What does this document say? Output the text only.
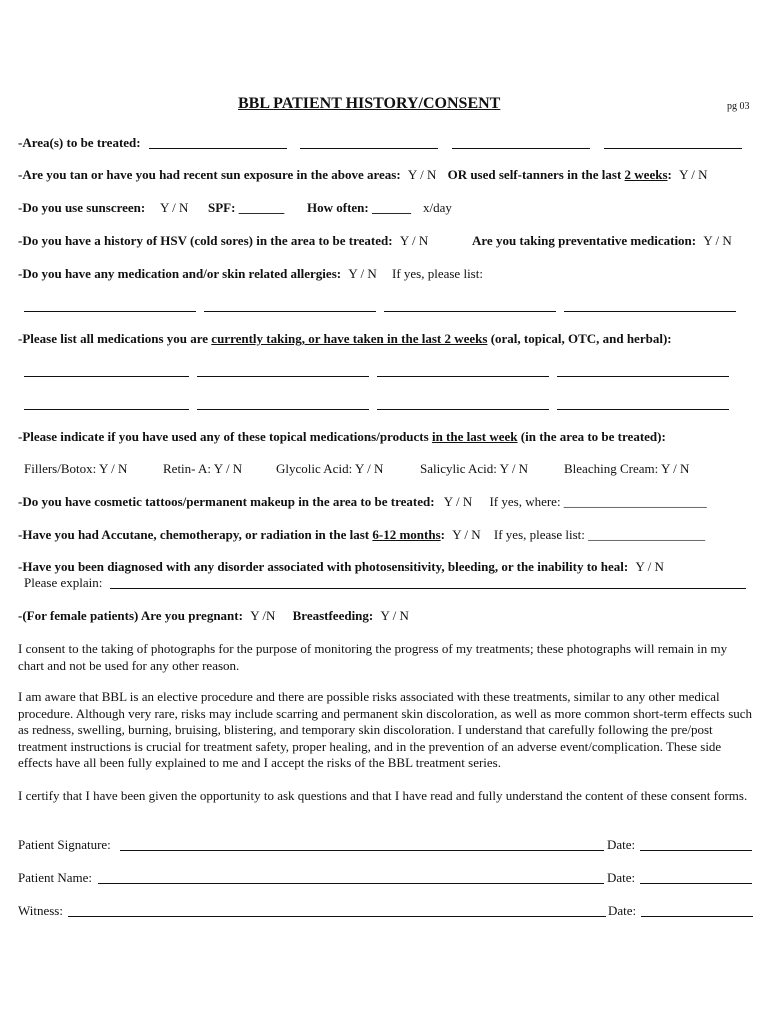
BBL PATIENT HISTORY/CONSENT	pg 03
-Area(s) to be treated:
-Are you tan or have you had recent sun exposure in the above areas: Y / N OR used self-tanners in the last 2 weeks: Y / N
-Do you use sunscreen: Y / N SPF: _______ How often: ______ x/day
-Do you have a history of HSV (cold sores) in the area to be treated: Y / N	Are you taking preventative medication: Y / N
-Do you have any medication and/or skin related allergies: Y / N If yes, please list:
-Please list all medications you are currently taking, or have taken in the last 2 weeks (oral, topical, OTC, and herbal):
-Please indicate if you have used any of these topical medications/products in the last week (in the area to be treated):
Fillers/Botox: Y / N	Retin- A: Y / N	Glycolic Acid: Y / N	Salicylic Acid: Y / N	Bleaching Cream: Y / N
-Do you have cosmetic tattoos/permanent makeup in the area to be treated: Y / N If yes, where: ______________________
-Have you had Accutane, chemotherapy, or radiation in the last 6-12 months: Y / N If yes, please list: __________________
-Have you been diagnosed with any disorder associated with photosensitivity, bleeding, or the inability to heal: Y / N
Please explain:
-(For female patients) Are you pregnant: Y /N Breastfeeding: Y / N
I consent to the taking of photographs for the purpose of monitoring the progress of my treatments; these photographs will remain in my chart and not be used for any other reason.
I am aware that BBL is an elective procedure and there are possible risks associated with these treatments, similar to any other medical procedure. Although very rare, risks may include scarring and permanent skin discoloration, as well as more common short-term effects such as redness, swelling, burning, bruising, blistering, and temporary skin discoloration. I understand that carefully following the pre/post treatment instructions is crucial for treatment safety, proper healing, and in the prevention of an adverse event/complication. These side effects have all been fully explained to me and I accept the risks of the BBL treatment series.
I certify that I have been given the opportunity to ask questions and that I have read and fully understand the content of these consent forms.
Patient Signature:	Date:
Patient Name:	Date:
Witness:	Date:
